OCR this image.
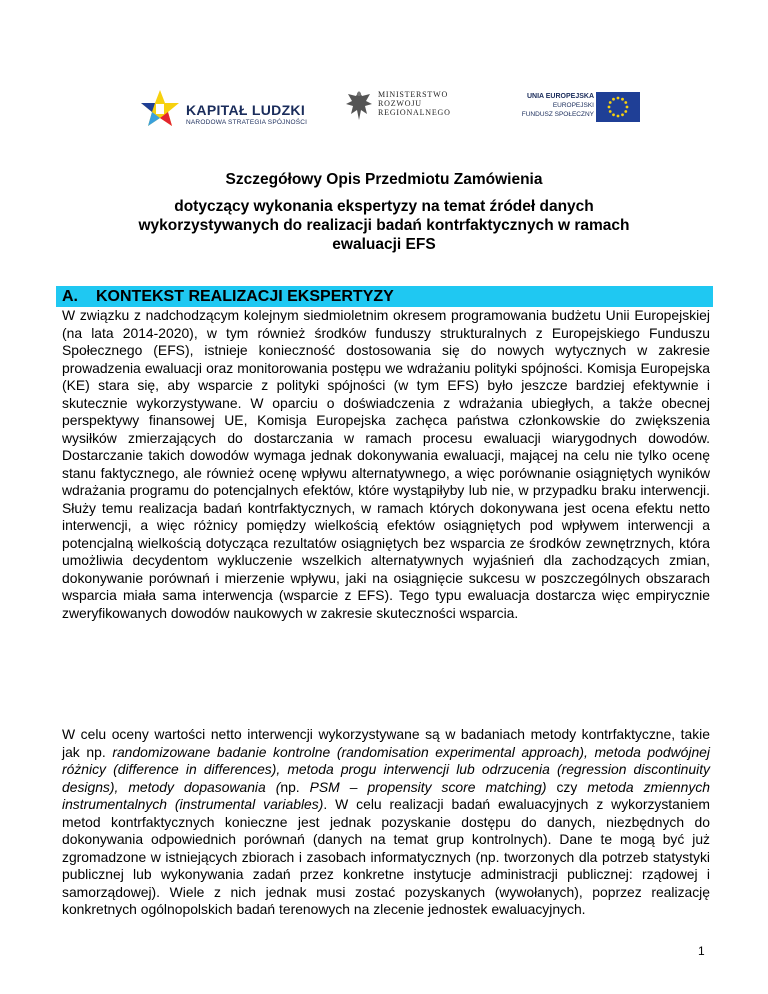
KAPITAŁ LUDZKI
NARODOWA STRATEGIA SPÓJNOŚCI
MINISTERSTWO
ROZWOJU
REGIONALNEGO
UNIA EUROPEJSKA
EUROPEJSKI
FUNDUSZ SPOŁECZNY
Szczegółowy Opis Przedmiotu Zamówienia
dotyczący wykonania ekspertyzy na temat źródeł danych
wykorzystywanych do realizacji badań kontrfaktycznych w ramach
ewaluacji EFS
A. KONTEKST REALIZACJI EKSPERTYZY
W związku z nadchodzącym kolejnym siedmioletnim okresem programowania budżetu Unii Europejskiej (na lata 2014-2020), w tym również środków funduszy strukturalnych z Europejskiego Funduszu Społecznego (EFS), istnieje konieczność dostosowania się do nowych wytycznych w zakresie prowadzenia ewaluacji oraz monitorowania postępu we wdrażaniu polityki spójności. Komisja Europejska (KE) stara się, aby wsparcie z polityki spójności (w tym EFS) było jeszcze bardziej efektywnie i skutecznie wykorzystywane. W oparciu o doświadczenia z wdrażania ubiegłych, a także obecnej perspektywy finansowej UE, Komisja Europejska zachęca państwa członkowskie do zwiększenia wysiłków zmierzających do dostarczania w ramach procesu ewaluacji wiarygodnych dowodów. Dostarczanie takich dowodów wymaga jednak dokonywania ewaluacji, mającej na celu nie tylko ocenę stanu faktycznego, ale również ocenę wpływu alternatywnego, a więc porównanie osiągniętych wyników wdrażania programu do potencjalnych efektów, które wystąpiłyby lub nie, w przypadku braku interwencji. Służy temu realizacja badań kontrfaktycznych, w ramach których dokonywana jest ocena efektu netto interwencji, a więc różnicy pomiędzy wielkością efektów osiągniętych pod wpływem interwencji a potencjalną wielkością dotycząca rezultatów osiągniętych bez wsparcia ze środków zewnętrznych, która umożliwia decydentom wykluczenie wszelkich alternatywnych wyjaśnień dla zachodzących zmian, dokonywanie porównań i mierzenie wpływu, jaki na osiągnięcie sukcesu w poszczególnych obszarach wsparcia miała sama interwencja (wsparcie z EFS). Tego typu ewaluacja dostarcza więc empirycznie zweryfikowanych dowodów naukowych w zakresie skuteczności wsparcia.
W celu oceny wartości netto interwencji wykorzystywane są w badaniach metody kontrfaktyczne, takie jak np. randomizowane badanie kontrolne (randomisation experimental approach), metoda podwójnej różnicy (difference in differences), metoda progu interwencji lub odrzucenia (regression discontinuity designs), metody dopasowania (np. PSM – propensity score matching) czy metoda zmiennych instrumentalnych (instrumental variables). W celu realizacji badań ewaluacyjnych z wykorzystaniem metod kontrfaktycznych konieczne jest jednak pozyskanie dostępu do danych, niezbędnych do dokonywania odpowiednich porównań (danych na temat grup kontrolnych). Dane te mogą być już zgromadzone w istniejących zbiorach i zasobach informatycznych (np. tworzonych dla potrzeb statystyki publicznej lub wykonywania zadań przez konkretne instytucje administracji publicznej: rządowej i samorządowej). Wiele z nich jednak musi zostać pozyskanych (wywołanych), poprzez realizację konkretnych ogólnopolskich badań terenowych na zlecenie jednostek ewaluacyjnych.
1
